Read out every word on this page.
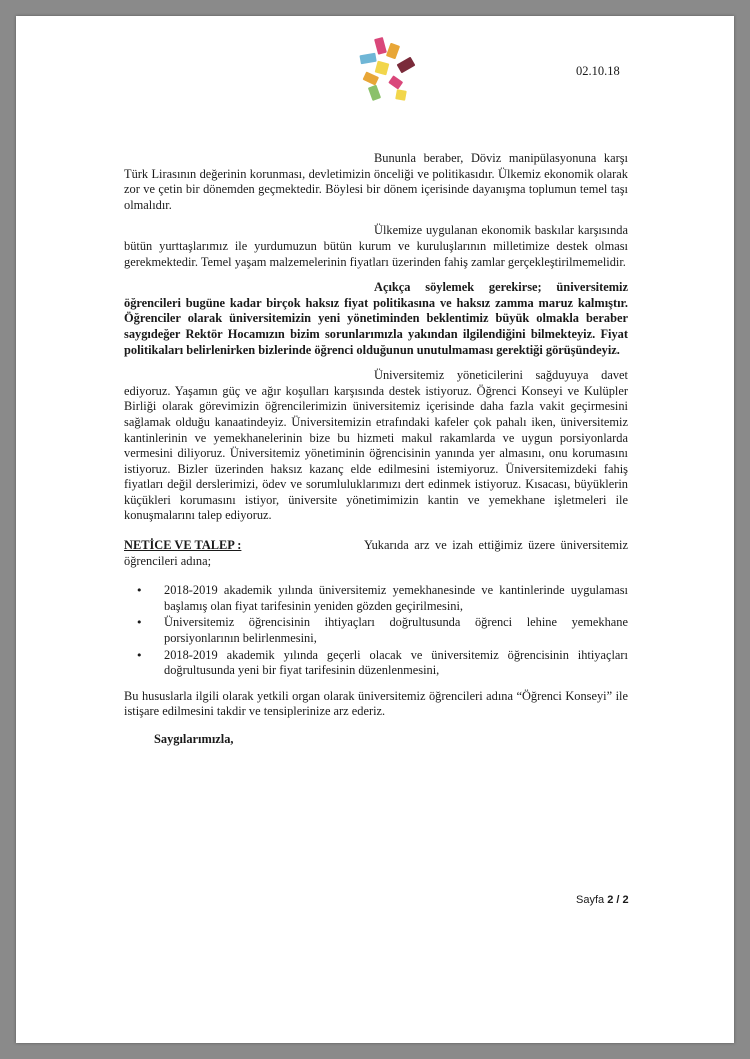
02.10.18

Bununla beraber, Döviz manipülasyonuna karşı Türk Lirasının değerinin korunması, devletimizin önceliği ve politikasıdır. Ülkemiz ekonomik olarak zor ve çetin bir dönemden geçmektedir. Böylesi bir dönem içerisinde dayanışma toplumun temel taşı olmalıdır.

Ülkemize uygulanan ekonomik baskılar karşısında bütün yurttaşlarımız ile yurdumuzun bütün kurum ve kuruluşlarının milletimize destek olması gerekmektedir. Temel yaşam malzemelerinin fiyatları üzerinden fahiş zamlar gerçekleştirilmemelidir.

Açıkça söylemek gerekirse; üniversitemiz öğrencileri bugüne kadar birçok haksız fiyat politikasına ve haksız zamma maruz kalmıştır. Öğrenciler olarak üniversitemizin yeni yönetiminden beklentimiz büyük olmakla beraber saygıdeğer Rektör Hocamızın bizim sorunlarımızla yakından ilgilendiğini bilmekteyiz. Fiyat politikaları belirlenirken bizlerinde öğrenci olduğunun unutulmaması gerektiği görüşündeyiz.

Üniversitemiz yöneticilerini sağduyuya davet ediyoruz. Yaşamın güç ve ağır koşulları karşısında destek istiyoruz. Öğrenci Konseyi ve Kulüpler Birliği olarak görevimizin öğrencilerimizin üniversitemiz içerisinde daha fazla vakit geçirmesini sağlamak olduğu kanaatindeyiz. Üniversitemizin etrafındaki kafeler çok pahalı iken, üniversitemiz kantinlerinin ve yemekhanelerinin bize bu hizmeti makul rakamlarda ve uygun porsiyonlarda vermesini diliyoruz. Üniversitemiz yönetiminin öğrencisinin yanında yer almasını, onu korumasını istiyoruz. Bizler üzerinden haksız kazanç elde edilmesini istemiyoruz. Üniversitemizdeki fahiş fiyatları değil derslerimizi, ödev ve sorumluluklarımızı dert edinmek istiyoruz. Kısacası, büyüklerin küçükleri korumasını istiyor, üniversite yönetimimizin kantin ve yemekhane işletmeleri ile konuşmalarını talep ediyoruz.

NETİCE VE TALEP :	Yukarıda arz ve izah ettiğimiz üzere üniversitemiz öğrencileri adına;
• 2018-2019 akademik yılında üniversitemiz yemekhanesinde ve kantinlerinde uygulaması başlamış olan fiyat tarifesinin yeniden gözden geçirilmesini,
• Üniversitemiz öğrencisinin ihtiyaçları doğrultusunda öğrenci lehine yemekhane porsiyonlarının belirlenmesini,
• 2018-2019 akademik yılında geçerli olacak ve üniversitemiz öğrencisinin ihtiyaçları doğrultusunda yeni bir fiyat tarifesinin düzenlenmesini,

Bu hususlarla ilgili olarak yetkili organ olarak üniversitemiz öğrencileri adına “Öğrenci Konseyi” ile istişare edilmesini takdir ve tensiplerinize arz ederiz.

Saygılarımızla,
Sayfa 2 / 2
